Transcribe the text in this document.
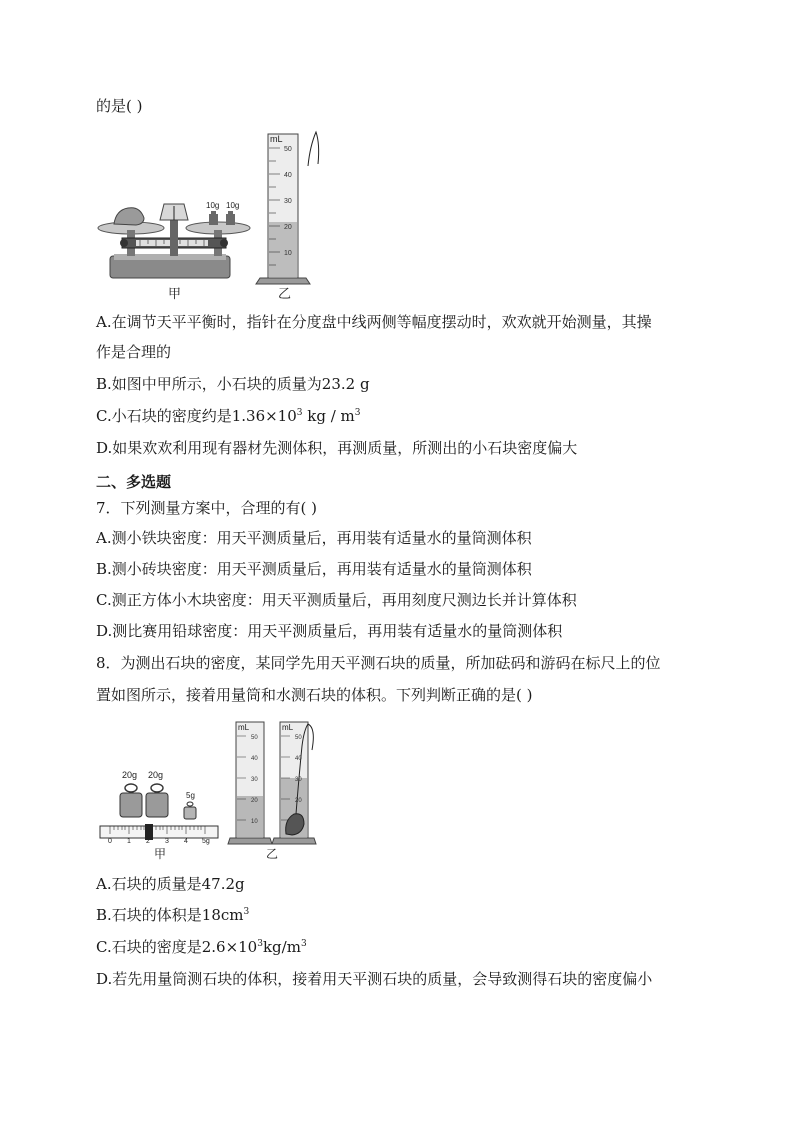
的是( )
10g 10g
甲
mL
50
40
30
20
10
乙
A.在调节天平平衡时，指针在分度盘中线两侧等幅度摆动时，欢欢就开始测量，其操
作是合理的
B.如图中甲所示，小石块的质量为23.2 g
C.小石块的密度约是$1.36\times 10^3$ kg / $m^3$
D.如果欢欢利用现有器材先测体积，再测质量，所测出的小石块密度偏大
二、多选题
7．下列测量方案中，合理的有( )
A.测小铁块密度：用天平测质量后，再用装有适量水的量筒测体积
B.测小砖块密度：用天平测质量后，再用装有适量水的量筒测体积
C.测正方体小木块密度：用天平测质量后，再用刻度尺测边长并计算体积
D.测比赛用铅球密度：用天平测质量后，再用装有适量水的量筒测体积
8．为测出石块的密度，某同学先用天平测石块的质量，所加砝码和游码在标尺上的位
置如图所示，接着用量筒和水测石块的体积。下列判断正确的是( )
20g 20g
5g
0 1 2 3 4 5g
甲
mL
50
40
30
20
10
mL
50
40
30
20
乙
A.石块的质量是47.2g
B.石块的体积是$18cm^3$
C.石块的密度是$2.6\times 10^3kg/m^3$
D.若先用量筒测石块的体积，接着用天平测石块的质量，会导致测得石块的密度偏小
